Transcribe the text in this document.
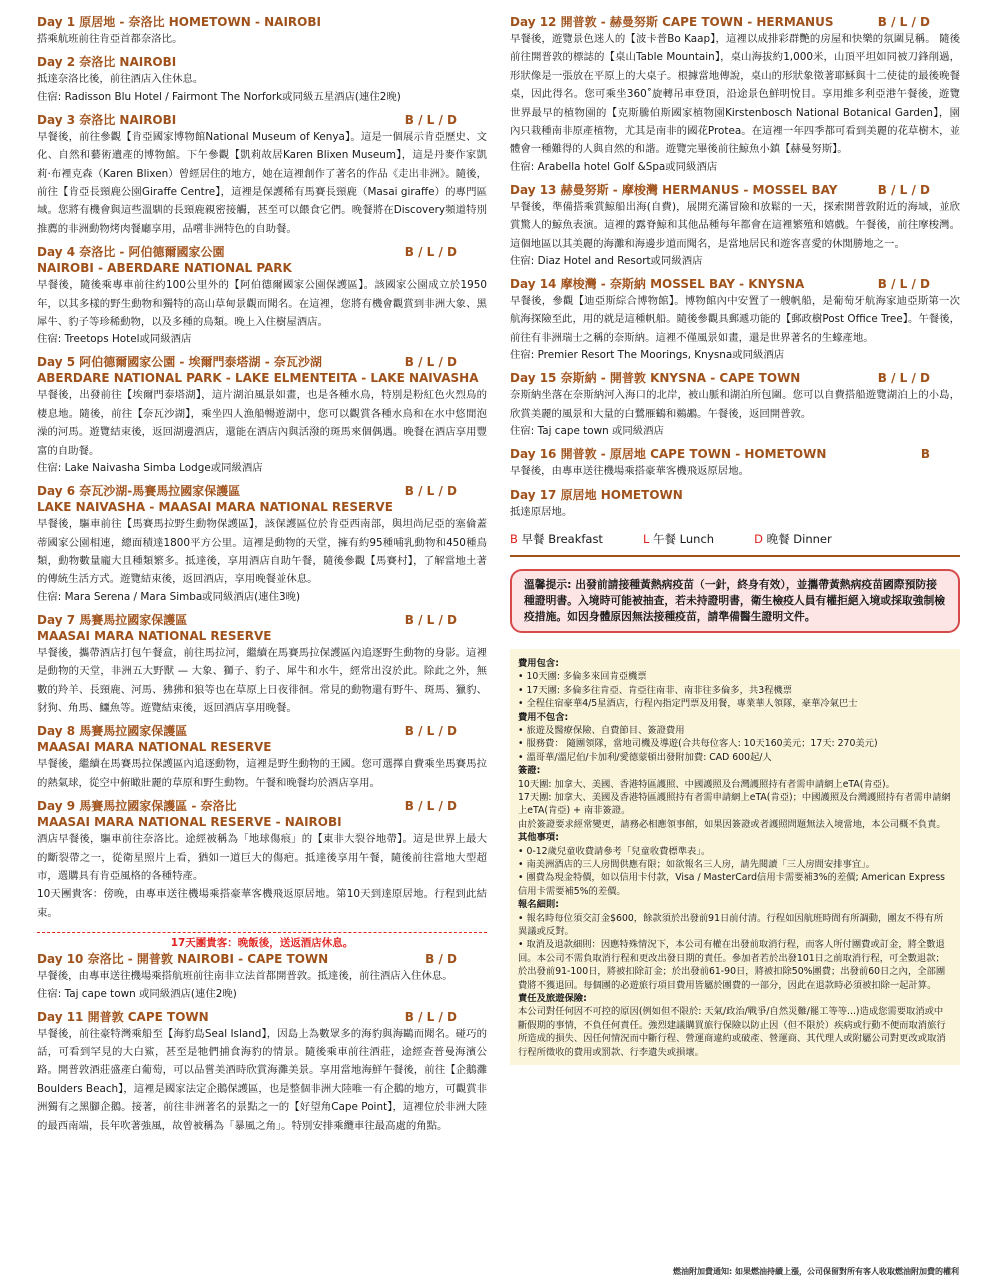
Day 1 原居地 - 奈洛比 HOMETOWN - NAIROBI
搭乘航班前往肯亞首都奈洛比。
Day 2 奈洛比 NAIROBI
抵達奈洛比後，前往酒店入住休息。
住宿: Radisson Blu Hotel / Fairmont The Norfork或同級五星酒店(連住2晚)
Day 3 奈洛比 NAIROBI	B / L / D
早餐後，前往參觀【肯亞國家博物館National Museum of Kenya】。這是一個展示肯亞歷史、文化、自然和藝術遺產的博物館。下午參觀【凱莉故居Karen Blixen Museum】，這是丹麥作家凱莉‧布裡克森（Karen Blixen）曾經居住的地方，她在這裡創作了著名的作品《走出非洲》。隨後，前往【肯亞長頸鹿公園Giraffe Centre】，這裡是保護稀有馬賽長頸鹿（Masai giraffe）的專門區域。您將有機會與這些溫馴的長頸鹿親密接觸，甚至可以餵食它們。晚餐將在Discovery頻道特別推薦的非洲動物烤肉餐廳享用，品嚐非洲特色的自助餐。
Day 4 奈洛比 - 阿伯德爾國家公園	B / L / D
NAIROBI - ABERDARE NATIONAL PARK
早餐後，隨後乘專車前往約100公里外的【阿伯德爾國家公園保護區】。該國家公園成立於1950年，以其多樣的野生動物和獨特的高山草甸景觀而聞名。在這裡，您將有機會觀賞到非洲大象、黑犀牛、豹子等珍稀動物，以及多種的鳥類。晚上入住樹屋酒店。
住宿: Treetops Hotel或同級酒店
Day 5 阿伯德爾國家公園 - 埃爾門泰塔湖 - 奈瓦沙湖	B / L / D
ABERDARE NATIONAL PARK - LAKE ELMENTEITA - LAKE NAIVASHA
早餐後，出發前往【埃爾門泰塔湖】，這片湖泊風景如畫，也是各種水鳥，特別是粉紅色火烈鳥的棲息地。隨後，前往【奈瓦沙湖】，乘坐四人漁船暢遊湖中，您可以觀賞各種水鳥和在水中悠閒泡澡的河馬。遊覽結束後，返回湖邊酒店，還能在酒店內與活潑的斑馬來個偶遇。晚餐在酒店享用豐富的自助餐。
住宿: Lake Naivasha Simba Lodge或同級酒店
Day 6 奈瓦沙湖-馬賽馬拉國家保護區	B / L / D
LAKE NAIVASHA - MAASAI MARA NATIONAL RESERVE
早餐後，驅車前往【馬賽馬拉野生動物保護區】，該保護區位於肯亞西南部，與坦尚尼亞的塞倫蓋蒂國家公園相連，總面積達1800平方公里。這裡是動物的天堂，擁有約95種哺乳動物和450種鳥類，動物數量龐大且種類繁多。抵達後，享用酒店自助午餐，隨後參觀【馬賽村】，了解當地土著的傳統生活方式。遊覽結束後，返回酒店，享用晚餐並休息。
住宿: Mara Serena / Mara Simba或同級酒店(連住3晚)
Day 7 馬賽馬拉國家保護區	B / L / D
MAASAI MARA NATIONAL RESERVE
早餐後，攜帶酒店打包午餐盒，前往馬拉河，繼續在馬賽馬拉保護區內追逐野生動物的身影。這裡是動物的天堂，非洲五大野獸 — 大象、獅子、豹子、犀牛和水牛，經常出沒於此。除此之外，無數的羚羊、長頸鹿、河馬、狒狒和狼等也在草原上日夜徘徊。常見的動物還有野牛、斑馬、獵豹、豺狗、角馬、鱷魚等。遊覽結束後，返回酒店享用晚餐。
Day 8 馬賽馬拉國家保護區	B / L / D
MAASAI MARA NATIONAL RESERVE
早餐後，繼續在馬賽馬拉保護區內追逐動物，這裡是野生動物的王國。您可選擇自費乘坐馬賽馬拉的熱氣球，從空中俯瞰壯麗的草原和野生動物。午餐和晚餐均於酒店享用。
Day 9 馬賽馬拉國家保護區 - 奈洛比	B / L / D
MAASAI MARA NATIONAL RESERVE - NAIROBI
酒店早餐後，驅車前往奈洛比。途經被稱為「地球傷痕」的【東非大裂谷地帶】。這是世界上最大的斷裂帶之一，從衛星照片上看，猶如一道巨大的傷疤。抵達後享用午餐，隨後前往當地大型超市，選購具有肯亞風格的各種特產。
10天團貴客：傍晚，由專車送往機場乘搭豪華客機飛返原居地。第10天到達原居地。行程到此結束。
17天團貴客：晚飯後，送返酒店休息。
Day 10 奈洛比 - 開普敦 NAIROBI - CAPE TOWN	B / D
早餐後，由專車送往機場乘搭航班前往南非立法首都開普敦。抵達後，前往酒店入住休息。
住宿: Taj cape town 或同級酒店(連住2晚)
Day 11 開普敦 CAPE TOWN	B / L / D
早餐後，前往豪特灣乘船至【海豹島Seal Island】，因島上為數眾多的海豹與海鷗而聞名。碰巧的話，可看到罕見的大白鯊，甚至是牠們捕食海豹的情景。隨後乘車前往酒莊，途經查普曼海濱公路。開普敦酒莊盛產白葡萄，可以品嘗美酒時欣賞海灘美景。享用當地海鮮午餐後，前往【企鵝灘Boulders Beach】，這裡是國家法定企鵝保護區，也是整個非洲大陸唯一有企鵝的地方，可觀賞非洲獨有之黑腳企鵝。接著，前往非洲著名的景點之一的【好望角Cape Point】，這裡位於非洲大陸的最西南端，長年吹著強風，故曾被稱為「暴風之角」。特別安排乘纜車往最高處的角點。
Day 12 開普敦 - 赫曼努斯 CAPE TOWN - HERMANUS	B / L / D
早餐後，遊覽景色迷人的【波卡普Bo Kaap】，這裡以成排彩群艷的房屋和快樂的氛圍見稱。 隨後前往開普敦的標誌的【桌山Table Mountain】，桌山海拔約1,000米，山頂平坦如同被刀鋒削過，形狀像是一張放在平原上的大桌子。根據當地傳說，桌山的形狀象徵著耶穌與十二使徒的最後晚餐桌，因此得名。您可乘坐360˚旋轉吊車登頂，沿途景色鮮明悅目。享用維多利亞港午餐後，遊覽世界最早的植物園的【克斯騰伯斯國家植物園Kirstenbosch National Botanical Garden】，園內只栽種南非原產植物，尤其是南非的國花Protea。在這裡一年四季都可看到美麗的花草樹木，並體會一種難得的人與自然的和諧。遊覽完畢後前往鯨魚小鎮【赫曼努斯】。
住宿: Arabella hotel Golf &Spa或同級酒店
Day 13 赫曼努斯 - 摩梭灣 HERMANUS - MOSSEL BAY	B / L / D
早餐後，準備搭乘賞鯨船出海(自費)，展開充滿冒險和放鬆的一天，探索開普敦附近的海域，並欣賞驚人的鯨魚表演。這裡的露脊鯨和其他品種每年都會在這裡繁殖和嬉戲。午餐後，前往摩梭灣。這個地區以其美麗的海灘和海邊步道而聞名，是當地居民和遊客喜愛的休閒勝地之一。
住宿: Diaz Hotel and Resort或同級酒店
Day 14 摩梭灣 - 奈斯納 MOSSEL BAY - KNYSNA	B / L / D
早餐後，參觀【迪亞斯綜合博物館】。博物館內中安置了一艘帆船，是葡萄牙航海家迪亞斯第一次航海探險至此，用的就是這種帆船。隨後參觀具郵遞功能的【郵政樹Post Office Tree】。午餐後，前往有非洲瑞士之稱的奈斯納。這裡不僅風景如畫，還是世界著名的生蠔產地。
住宿: Premier Resort The Moorings, Knysna或同級酒店
Day 15 奈斯納 - 開普敦 KNYSNA - CAPE TOWN	B / L / D
奈斯納坐落在奈斯納河入海口的北岸，被山脈和湖泊所包圍。您可以自費搭船遊覽湖泊上的小島，欣賞美麗的風景和大量的白鷺雁鶴和鵜鶘。午餐後，返回開普敦。
住宿: Taj cape town 或同級酒店
Day 16 開普敦 - 原居地 CAPE TOWN - HOMETOWN	B
早餐後，由專車送往機場乘搭豪華客機飛返原居地。
Day 17 原居地 HOMETOWN
抵達原居地。
B 早餐 Breakfast	L 午餐 Lunch	D 晚餐 Dinner
溫馨提示: 出發前請接種黃熱病疫苗（一針，終身有效），並攜帶黃熱病疫苗國際預防接種證明書。入境時可能被抽查，若未持證明書，衛生檢疫人員有權拒絕入境或採取強制檢疫措施。如因身體原因無法接種疫苗，請準備醫生證明文件。
費用包含:
• 10天團: 多倫多來回肯亞機票
• 17天團: 多倫多往肯亞、肯亞往南非、南非往多倫多，共3程機票
• 全程住宿豪華4/5星酒店，行程內指定門票及用餐，專業華人領隊，豪華冷氣巴士
費用不包含:
• 旅遊及醫療保險、自費節目、簽證費用
• 服務費： 隨團領隊，當地司機及導遊(合共每位客人: 10天160美元；17天: 270美元)
• 溫哥華/溫尼伯/卡加利/愛德蒙頓出發附加費: CAD 600起/人
簽證:
10天團: 加拿大、美國、香港特區護照、中國護照及台灣護照持有者需申請網上eTA(肯亞)。
17天團: 加拿大、美國及香港特區護照持有者需申請網上eTA(肯亞)；中國護照及台灣護照持有者需申請網上eTA(肯亞) + 南非簽證。
由於簽證要求經常變更，請務必相應領事館，如果因簽證或者護照問題無法入境當地，本公司概不負責。
其他事項:
• 0-12歲兒童收費請參考「兒童收費標準表」。
• 南美洲酒店的三人房間供應有限；如欲報名三人房，請先閱讀「三人房間安排事宜」。
• 團費為現金特價，如以信用卡付款，Visa / MasterCard信用卡需要補3%的差價; American Express信用卡需要補5%的差價。
報名細則:
• 報名時每位須交訂金$600，餘款須於出發前91日前付清。行程如因航班時間有所調動，團友不得有所異議或反對。
• 取消及退款細則：因應特殊情況下，本公司有權在出發前取消行程，而客人所付團費或訂金，將全數退回。本公司不需負取消行程和更改出發日期的責任。參加者若於出發101日之前取消行程，可全數退款；於出發前91-100日，將被扣除訂金；於出發前61-90日，將被扣除50%團費；出發前60日之內，全部團費將不獲退回。每個團的必遊旅行項目費用皆屬於團費的一部分，因此在退款時必須被扣除一起計算。
責任及旅遊保險:
本公司對任何因不可控的原因(例如但不限於: 天氣/政治/戰爭/自然災難/罷工等等...)造成您需要取消或中斷假期的事情，不負任何責任。強烈建議購買旅行保險以防止因（但不限於）疾病或行動不便而取消旅行所造成的損失、因任何情況而中斷行程、營運商違約或破產、營運商、其代理人或附屬公司對更改或取消行程所徵收的費用或罰款、行李遺失或損壞。
燃油附加費通知: 如果燃油持續上漲，公司保留對所有客人收取燃油附加費的權利
